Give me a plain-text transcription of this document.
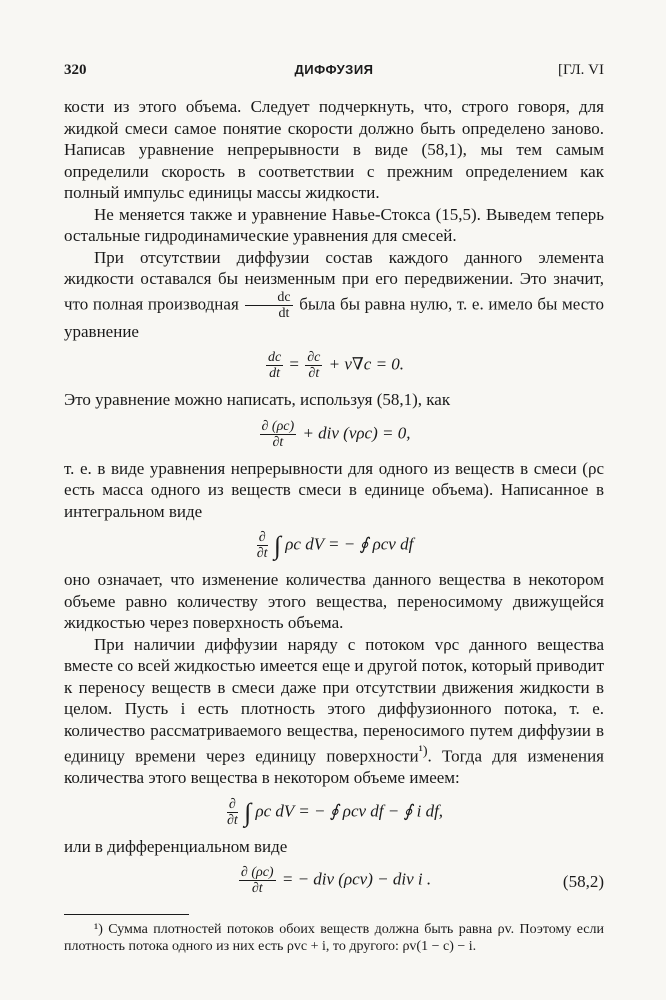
320	ДИФФУЗИЯ	[ГЛ. VI

кости из этого объема. Следует подчеркнуть, что, строго говоря, для жидкой смеси самое понятие скорости должно быть определено заново. Написав уравнение непрерывности в виде (58,1), мы тем самым определили скорость в соответствии с прежним определением как полный импульс единицы массы жидкости.

Не меняется также и уравнение Навье-Стокса (15,5). Выведем теперь остальные гидродинамические уравнения для смесей.

При отсутствии диффузии состав каждого данного элемента жидкости оставался бы неизменным при его передвижении. Это значит, что полная производная $\frac{dc}{dt}$ была бы равна нулю, т. е. имело бы место уравнение

$\frac{dc}{dt} = \frac{\partial c}{\partial t} + v\nabla c = 0$.

Это уравнение можно написать, используя (58,1), как

$\frac{\partial (\rho c)}{\partial t}$ + div (vρc) = 0,

т. е. в виде уравнения непрерывности для одного из веществ в смеси (ρc есть масса одного из веществ смеси в единице объема). Написанное в интегральном виде

$\frac{\partial}{\partial t}$ ∫ ρc dV = − ∮ ρcv df

оно означает, что изменение количества данного вещества в некотором объеме равно количеству этого вещества, переносимому движущейся жидкостью через поверхность объема.

При наличии диффузии наряду с потоком vρc данного вещества вместе со всей жидкостью имеется еще и другой поток, который приводит к переносу веществ в смеси даже при отсутствии движения жидкости в целом. Пусть i есть плотность этого диффузионного потока, т. е. количество рассматриваемого вещества, переносимого путем диффузии в единицу времени через единицу поверхности$^{^1)}$. Тогда для изменения количества этого вещества в некотором объеме имеем:

$\frac{\partial}{\partial t}$ ∫ ρc dV = − ∮ ρcv df − ∮ i df,

или в дифференциальном виде

$\frac{\partial (\rho c)}{\partial t}$ = − div (ρcv) − div i .	(58,2)

¹) Сумма плотностей потоков обоих веществ должна быть равна ρv. Поэтому если плотность потока одного из них есть ρvc + i, то другого: ρv(1 − c) − i.
